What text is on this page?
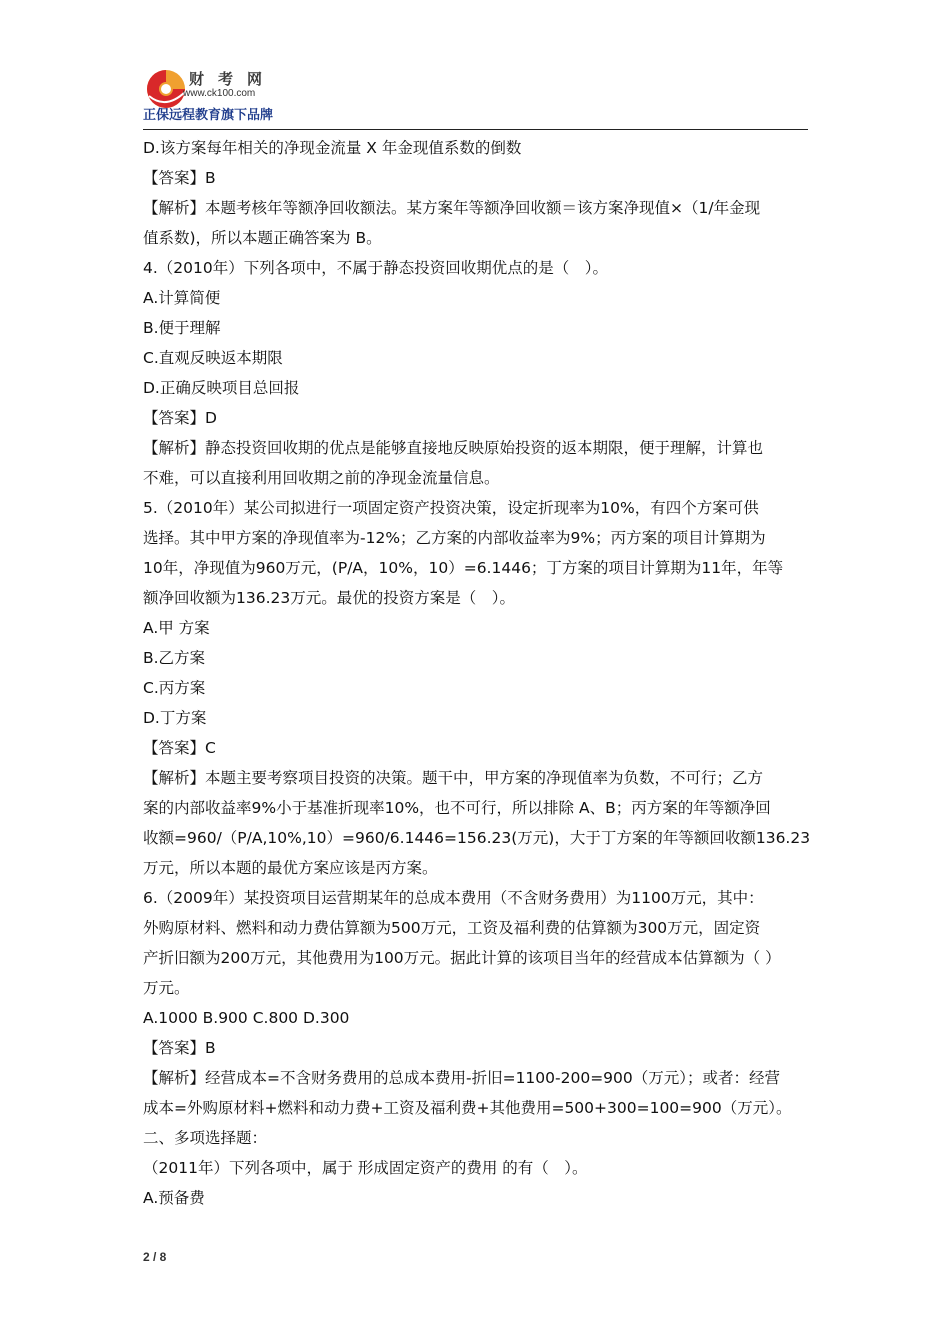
财考网
www.ck100.com
正保远程教育旗下品牌
D.该方案每年相关的净现金流量 X 年金现值系数的倒数
【答案】B
【解析】本题考核年等额净回收额法。某方案年等额净回收额＝该方案净现值×（1/年金现
值系数)，所以本题正确答案为 B。
4.（2010年）下列各项中，不属于静态投资回收期优点的是（　）。
A.计算简便
B.便于理解
C.直观反映返本期限
D.正确反映项目总回报
【答案】D
【解析】静态投资回收期的优点是能够直接地反映原始投资的返本期限，便于理解，计算也
不难，可以直接利用回收期之前的净现金流量信息。
5.（2010年）某公司拟进行一项固定资产投资决策，设定折现率为10%，有四个方案可供
选择。其中甲方案的净现值率为-12%；乙方案的内部收益率为9%；丙方案的项目计算期为
10年，净现值为960万元，(P/A，10%，10）=6.1446；丁方案的项目计算期为11年，年等
额净回收额为136.23万元。最优的投资方案是（　）。
A.甲 方案
B.乙方案
C.丙方案
D.丁方案
【答案】C
【解析】本题主要考察项目投资的决策。题干中，甲方案的净现值率为负数，不可行；乙方
案的内部收益率9%小于基准折现率10%，也不可行，所以排除 A、B；丙方案的年等额净回
收额=960/（P/A,10%,10）=960/6.1446=156.23(万元)，大于丁方案的年等额回收额136.23
万元，所以本题的最优方案应该是丙方案。
6.（2009年）某投资项目运营期某年的总成本费用（不含财务费用）为1100万元，其中：
外购原材料、燃料和动力费估算额为500万元，工资及福利费的估算额为300万元，固定资
产折旧额为200万元，其他费用为100万元。据此计算的该项目当年的经营成本估算额为（ ）
万元。
A.1000 B.900 C.800 D.300
【答案】B
【解析】经营成本=不含财务费用的总成本费用-折旧=1100-200=900（万元）；或者：经营
成本=外购原材料+燃料和动力费+工资及福利费+其他费用=500+300=100=900（万元）。
二、多项选择题：
（2011年）下列各项中，属于 形成固定资产的费用 的有（　）。
A.预备费
2 / 8
